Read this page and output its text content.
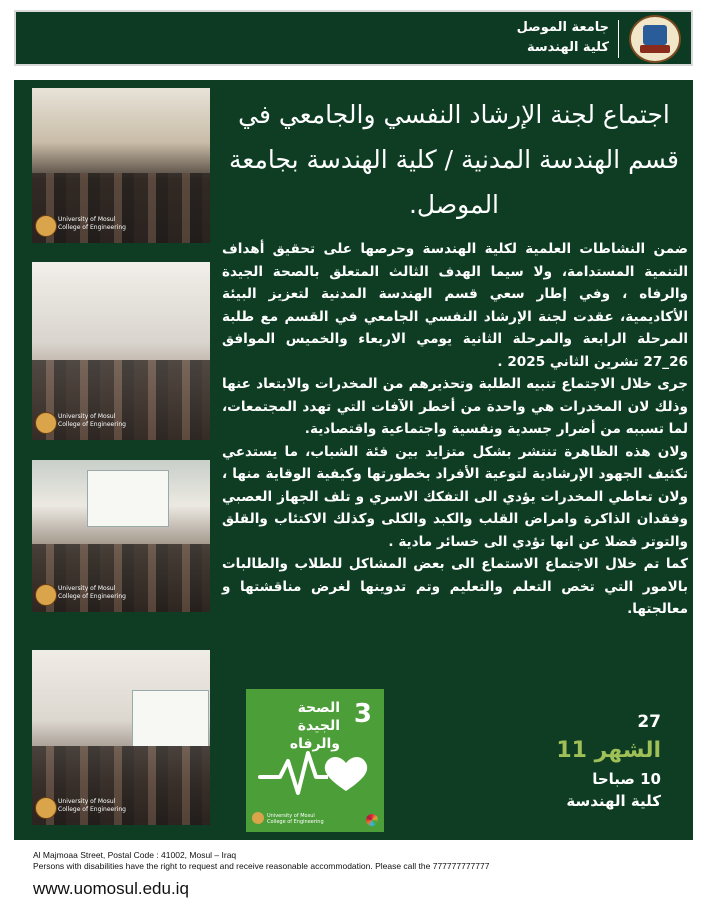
جامعة الموصل
كلية الهندسة
University of Mosul
College of Engineering
University of Mosul
College of Engineering
University of Mosul
College of Engineering
University of Mosul
College of Engineering
اجتماع لجنة الإرشاد النفسي والجامعي في قسم الهندسة المدنية / كلية الهندسة بجامعة الموصل.

ضمن النشاطات العلمية لكلية الهندسة وحرصها على تحقيق أهداف التنمية المستدامة، ولا سيما الهدف الثالث المتعلق بالصحة الجيدة والرفاه ، وفي إطار سعي قسم الهندسة المدنية لتعزيز البيئة الأكاديمية، عقدت لجنة الإرشاد النفسي الجامعي في القسم مع طلبة المرحلة الرابعة والمرحلة الثانية يومي الاربعاء والخميس الموافق 26_27 تشرين الثاني 2025 .

جرى خلال الاجتماع تنبيه الطلبة وتحذيرهم من المخدرات والابتعاد عنها وذلك لان المخدرات هي واحدة من أخطر الآفات التي تهدد المجتمعات، لما تسببه من أضرار جسدية ونفسية واجتماعية واقتصادية.

ولان هذه الظاهرة تنتشر بشكل متزايد بين فئة الشباب، ما يستدعي تكثيف الجهود الإرشادية لتوعية الأفراد بخطورتها وكيفية الوقاية منها ، ولان تعاطي المخدرات يؤدي الى التفكك الاسري و تلف الجهاز العصبي وفقدان الذاكرة وامراض القلب والكبد والكلى وكذلك الاكتئاب والقلق والتوتر فضلا عن انها تؤدي الى خسائر مادية .

كما تم خلال الاجتماع الاستماع الى بعض المشاكل للطلاب والطالبات بالامور التي تخص التعلم والتعليم وتم تدوينها لغرض مناقشتها و معالجتها.

3
الصحة
الجيدة والرفاه
University of Mosul
College of Engineering
27
الشهر 11
10 صباحا
كلية الهندسة
Al Majmoaa Street, Postal Code : 41002, Mosul – Iraq
Persons with disabilities have the right to request and receive reasonable accommodation. Please call the 777777777777
www.uomosul.edu.iq
